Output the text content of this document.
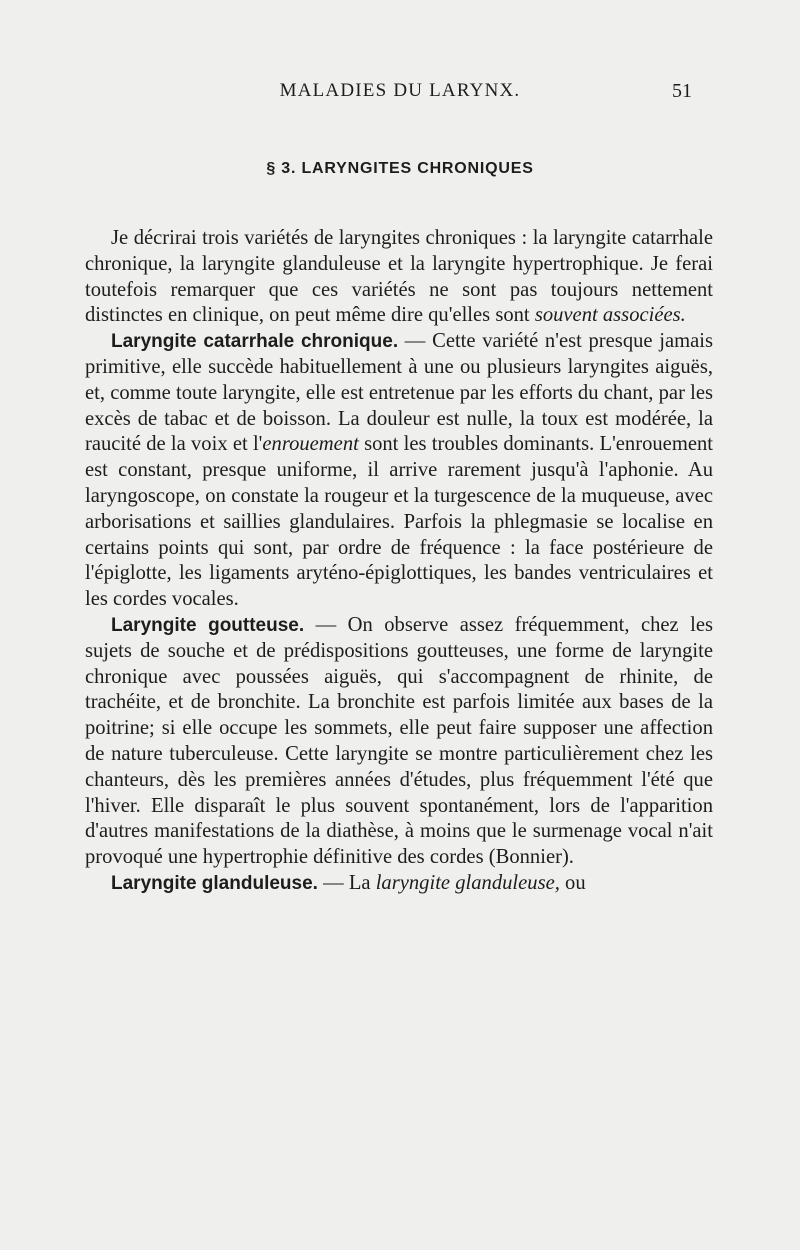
MALADIES DU LARYNX.	51
§ 3. LARYNGITES CHRONIQUES

Je décrirai trois variétés de laryngites chroniques : la laryngite catarrhale chronique, la laryngite glanduleuse et la laryngite hypertrophique. Je ferai toutefois remarquer que ces variétés ne sont pas toujours nettement distinctes en clinique, on peut même dire qu'elles sont souvent associées.

Laryngite catarrhale chronique. — Cette variété n'est presque jamais primitive, elle succède habituellement à une ou plusieurs laryngites aiguës, et, comme toute laryngite, elle est entretenue par les efforts du chant, par les excès de tabac et de boisson. La douleur est nulle, la toux est modérée, la raucité de la voix et l'enrouement sont les troubles dominants. L'enrouement est constant, presque uniforme, il arrive rarement jusqu'à l'aphonie. Au laryngoscope, on constate la rougeur et la turgescence de la muqueuse, avec arborisations et saillies glandulaires. Parfois la phlegmasie se localise en certains points qui sont, par ordre de fréquence : la face postérieure de l'épiglotte, les ligaments aryténo-épiglottiques, les bandes ventriculaires et les cordes vocales.

Laryngite goutteuse. — On observe assez fréquemment, chez les sujets de souche et de prédispositions goutteuses, une forme de laryngite chronique avec poussées aiguës, qui s'accompagnent de rhinite, de trachéite, et de bronchite. La bronchite est parfois limitée aux bases de la poitrine; si elle occupe les sommets, elle peut faire supposer une affection de nature tuberculeuse. Cette laryngite se montre particulièrement chez les chanteurs, dès les premières années d'études, plus fréquemment l'été que l'hiver. Elle disparaît le plus souvent spontanément, lors de l'apparition d'autres manifestations de la diathèse, à moins que le surmenage vocal n'ait provoqué une hypertrophie définitive des cordes (Bonnier).

Laryngite glanduleuse. — La laryngite glanduleuse, ou
